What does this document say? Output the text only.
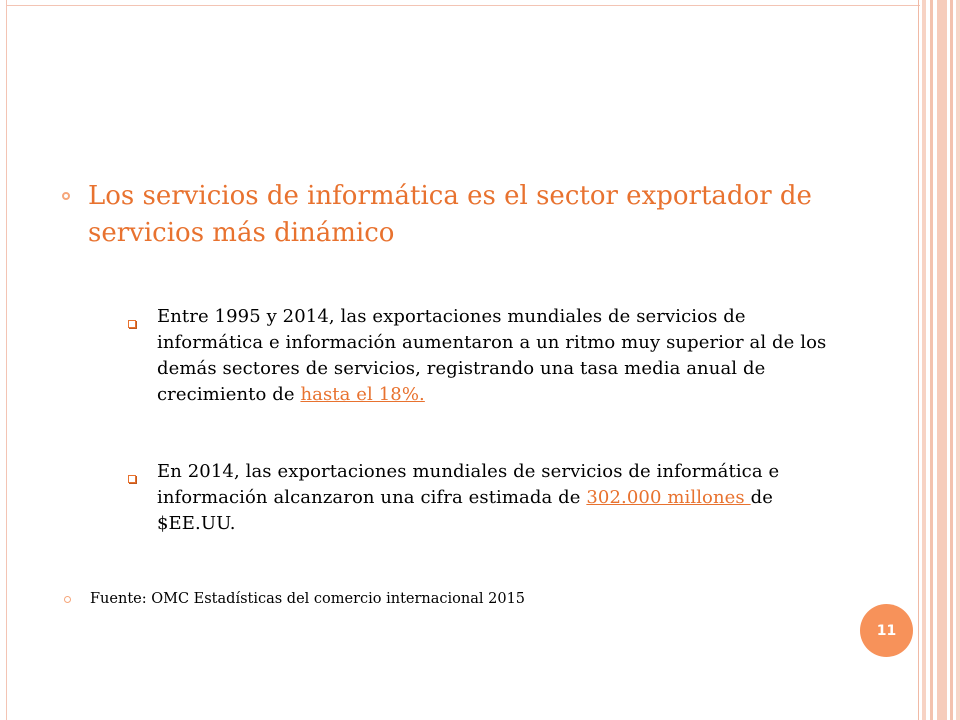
Los servicios de informática es el sector exportador de servicios más dinámico
Entre 1995 y 2014, las exportaciones mundiales de servicios de informática e información aumentaron a un ritmo muy superior al de los demás sectores de servicios, registrando una tasa media anual de crecimiento de hasta el 18%.
En 2014, las exportaciones mundiales de servicios de informática e información alcanzaron una cifra estimada de 302.000 millones de $EE.UU.
Fuente: OMC Estadísticas del comercio internacional 2015
11
